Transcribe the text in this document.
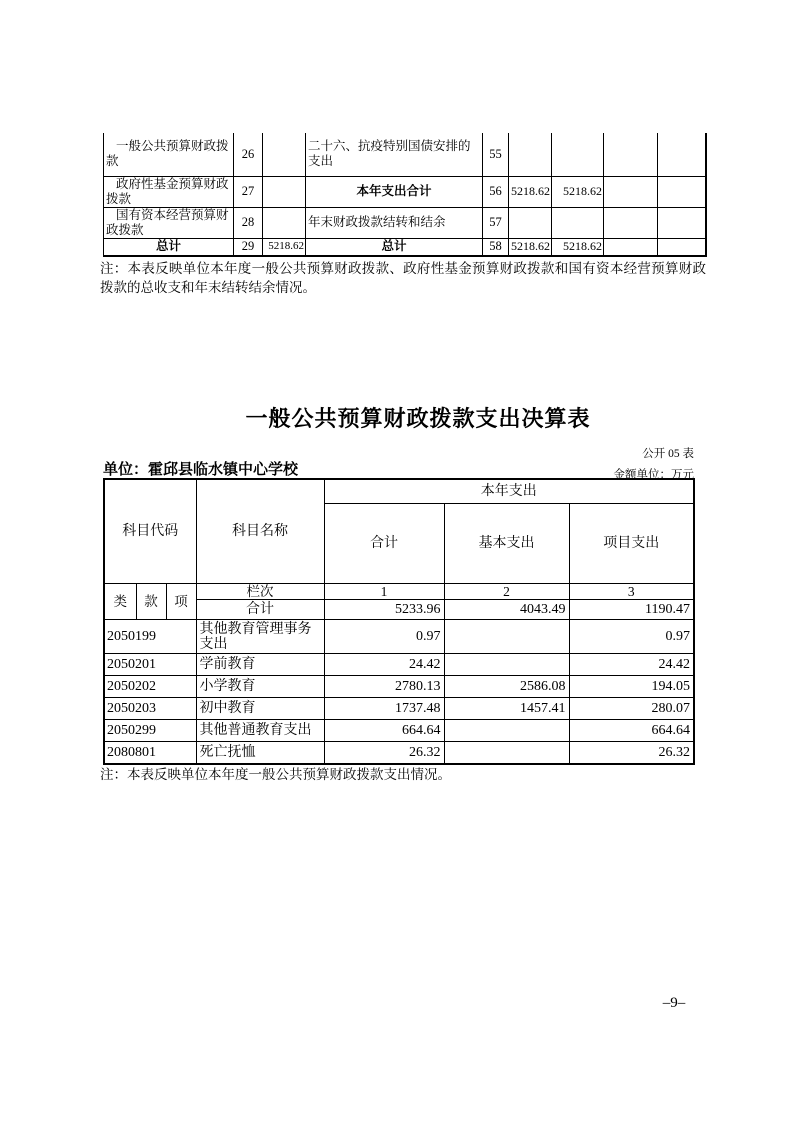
一般公共预算财政拨款	26		二十六、抗疫特别国债安排的支出	55				
政府性基金预算财政拨款	27		本年支出合计	56	5218.62	5218.62		
国有资本经营预算财政拨款	28		年末财政拨款结转和结余	57				
总计	29	5218.62	总计	58	5218.62	5218.62		
注：本表反映单位本年度一般公共预算财政拨款、政府性基金预算财政拨款和国有资本经营预算财政拨款的总收支和年末结转结余情况。
一般公共预算财政拨款支出决算表
公开 05 表
单位：霍邱县临水镇中心学校	金额单位：万元
科目代码			科目名称	本年支出		
				合计	基本支出	项目支出
类	款	项	栏次	1	2	3
			合计	5233.96	4043.49	1190.47
2050199			其他教育管理事务支出	0.97		0.97
2050201			学前教育	24.42		24.42
2050202			小学教育	2780.13	2586.08	194.05
2050203			初中教育	1737.48	1457.41	280.07
2050299			其他普通教育支出	664.64		664.64
2080801			死亡抚恤	26.32		26.32
注：本表反映单位本年度一般公共预算财政拨款支出情况。
–9–
